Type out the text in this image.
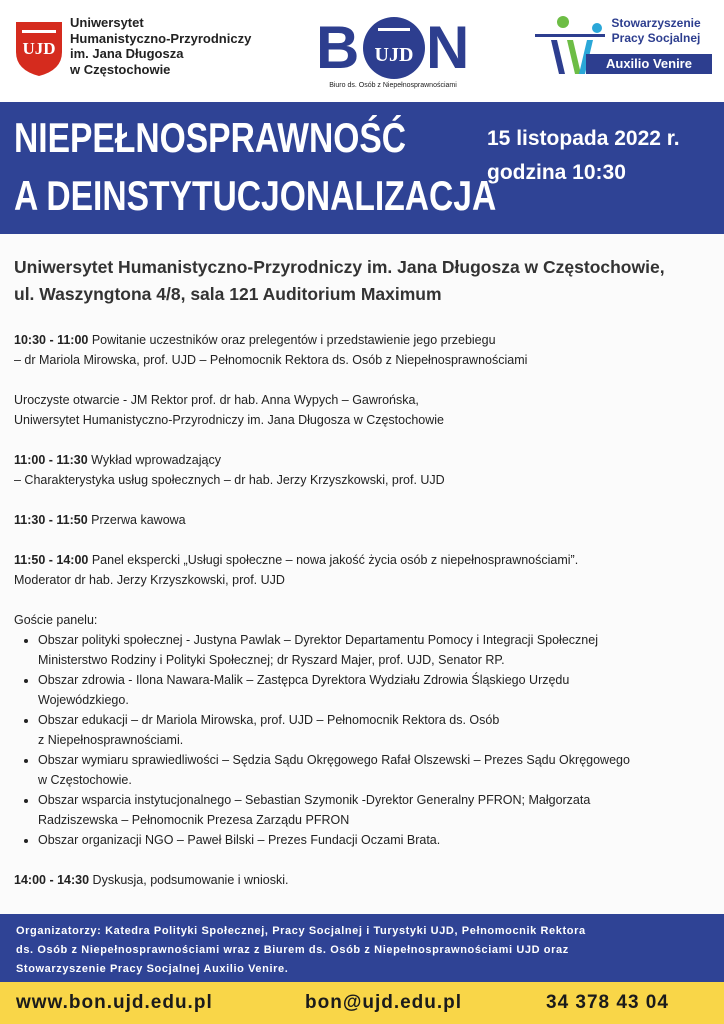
UJD
Uniwersytet
Humanistyczno-Przyrodniczy
im. Jana Długosza
w Częstochowie	B UJD N
Biuro ds. Osób z Niepełnosprawnościami
Stowarzyszenie
Pracy Socjalnej
Auxilio Venire
NIEPEŁNOSPRAWNOŚĆ
A DEINSTYTUCJONALIZACJA
15 listopada 2022 r.
godzina 10:30
Uniwersytet Humanistyczno-Przyrodniczy im. Jana Długosza w Częstochowie,
ul. Waszyngtona 4/8, sala 121 Auditorium Maximum

10:30 - 11:00 Powitanie uczestników oraz prelegentów i przedstawienie jego przebiegu
– dr Mariola Mirowska, prof. UJD – Pełnomocnik Rektora ds. Osób z Niepełnosprawnościami

Uroczyste otwarcie - JM Rektor prof. dr hab. Anna Wypych – Gawrońska,
Uniwersytet Humanistyczno-Przyrodniczy im. Jana Długosza w Częstochowie

11:00 - 11:30 Wykład wprowadzający
– Charakterystyka usług społecznych – dr hab. Jerzy Krzyszkowski, prof. UJD

11:30 - 11:50 Przerwa kawowa

11:50 - 14:00 Panel ekspercki „Usługi społeczne – nowa jakość życia osób z niepełnosprawnościami”.
Moderator dr hab. Jerzy Krzyszkowski, prof. UJD

Goście panelu:
• Obszar polityki społecznej - Justyna Pawlak – Dyrektor Departamentu Pomocy i Integracji Społecznej
Ministerstwo Rodziny i Polityki Społecznej; dr Ryszard Majer, prof. UJD, Senator RP.
• Obszar zdrowia - Ilona Nawara-Malik – Zastępca Dyrektora Wydziału Zdrowia Śląskiego Urzędu
Wojewódzkiego.
• Obszar edukacji – dr Mariola Mirowska, prof. UJD – Pełnomocnik Rektora ds. Osób
z Niepełnosprawnościami.
• Obszar wymiaru sprawiedliwości – Sędzia Sądu Okręgowego Rafał Olszewski – Prezes Sądu Okręgowego
w Częstochowie.
• Obszar wsparcia instytucjonalnego – Sebastian Szymonik -Dyrektor Generalny PFRON; Małgorzata
Radziszewska – Pełnomocnik Prezesa Zarządu PFRON
• Obszar organizacji NGO – Paweł Bilski – Prezes Fundacji Oczami Brata.

14:00 - 14:30 Dyskusja, podsumowanie i wnioski.

Organizatorzy: Katedra Polityki Społecznej, Pracy Socjalnej i Turystyki UJD, Pełnomocnik Rektora
ds. Osób z Niepełnosprawnościami wraz z Biurem ds. Osób z Niepełnosprawnościami UJD oraz
Stowarzyszenie Pracy Socjalnej Auxilio Venire.
www.bon.ujd.edu.pl	bon@ujd.edu.pl	34 378 43 04
